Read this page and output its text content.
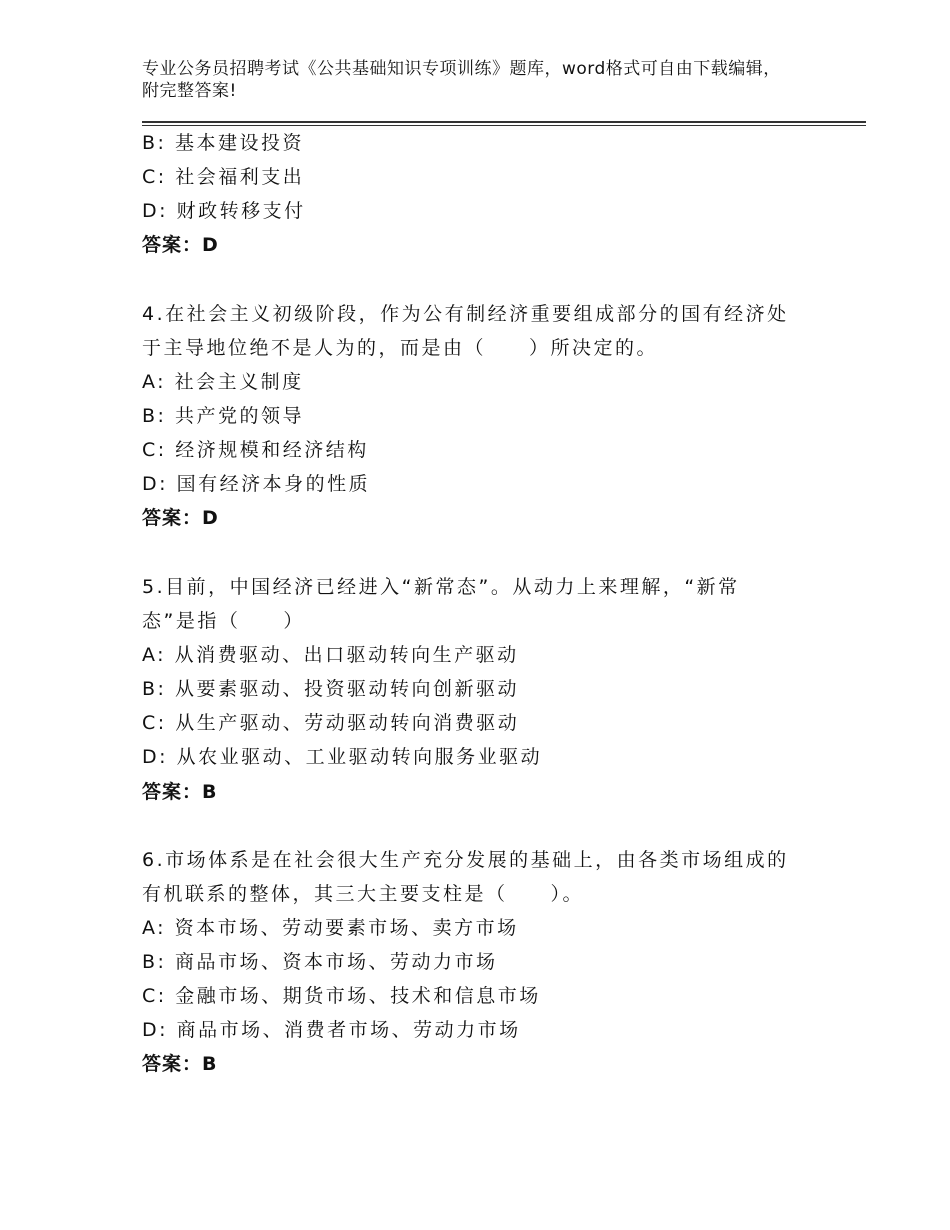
专业公务员招聘考试《公共基础知识专项训练》题库，word格式可自由下载编辑，附完整答案!
B: 基本建设投资
C: 社会福利支出
D: 财政转移支付
答案：D
4.在社会主义初级阶段，作为公有制经济重要组成部分的国有经济处
于主导地位绝不是人为的，而是由（　　）所决定的。
A: 社会主义制度
B: 共产党的领导
C: 经济规模和经济结构
D: 国有经济本身的性质
答案：D
5.目前，中国经济已经进入“新常态”。从动力上来理解，“新常
态”是指（　　）
A: 从消费驱动、出口驱动转向生产驱动
B: 从要素驱动、投资驱动转向创新驱动
C: 从生产驱动、劳动驱动转向消费驱动
D: 从农业驱动、工业驱动转向服务业驱动
答案：B
6.市场体系是在社会很大生产充分发展的基础上，由各类市场组成的
有机联系的整体，其三大主要支柱是（　　）。
A: 资本市场、劳动要素市场、卖方市场
B: 商品市场、资本市场、劳动力市场
C: 金融市场、期货市场、技术和信息市场
D: 商品市场、消费者市场、劳动力市场
答案：B
